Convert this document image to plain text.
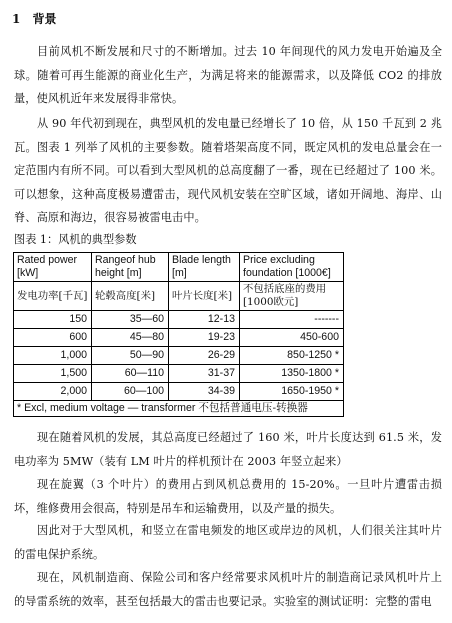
1 背景
目前风机不断发展和尺寸的不断增加。过去 10 年间现代的风力发电开始遍及全球。随着可再生能源的商业化生产，为满足将来的能源需求，以及降低 CO2 的排放量，使风机近年来发展得非常快。
从 90 年代初到现在，典型风机的发电量已经增长了 10 倍，从 150 千瓦到 2 兆瓦。图表 1 列举了风机的主要参数。随着塔架高度不同，既定风机的发电总量会在一定范围内有所不同。可以看到大型风机的总高度翻了一番，现在已经超过了 100 米。可以想象，这种高度极易遭雷击，现代风机安装在空旷区域，诸如开阔地、海岸、山脊、高原和海边，很容易被雷电击中。
图表 1：风机的典型参数
Rated power [kW]	Rangeof hub height [m]	Blade length [m]	Price excluding foundation [1000€]
发电功率[千瓦]	轮毂高度[米]	叶片长度[米]	不包括底座的费用[1000欧元]
150	35—60	12-13	-------
600	45—80	19-23	450-600
1,000	50—90	26-29	850-1250 *
1,500	60—110	31-37	1350-1800 *
2,000	60—100	34-39	1650-1950 *
* Excl, medium voltage — transformer 不包括普通电压-转换器			
现在随着风机的发展，其总高度已经超过了 160 米，叶片长度达到 61.5 米，发电功率为 5MW（装有 LM 叶片的样机预计在 2003 年竖立起来）
现在旋翼（3 个叶片）的费用占到风机总费用的 15-20%。一旦叶片遭雷击损坏，维修费用会很高，特别是吊车和运输费用，以及产量的损失。
因此对于大型风机，和竖立在雷电频发的地区或岸边的风机，人们很关注其叶片的雷电保护系统。
现在，风机制造商、保险公司和客户经常要求风机叶片的制造商记录风机叶片上的导雷系统的效率，甚至包括最大的雷击也要记录。实验室的测试证明：完整的雷电
